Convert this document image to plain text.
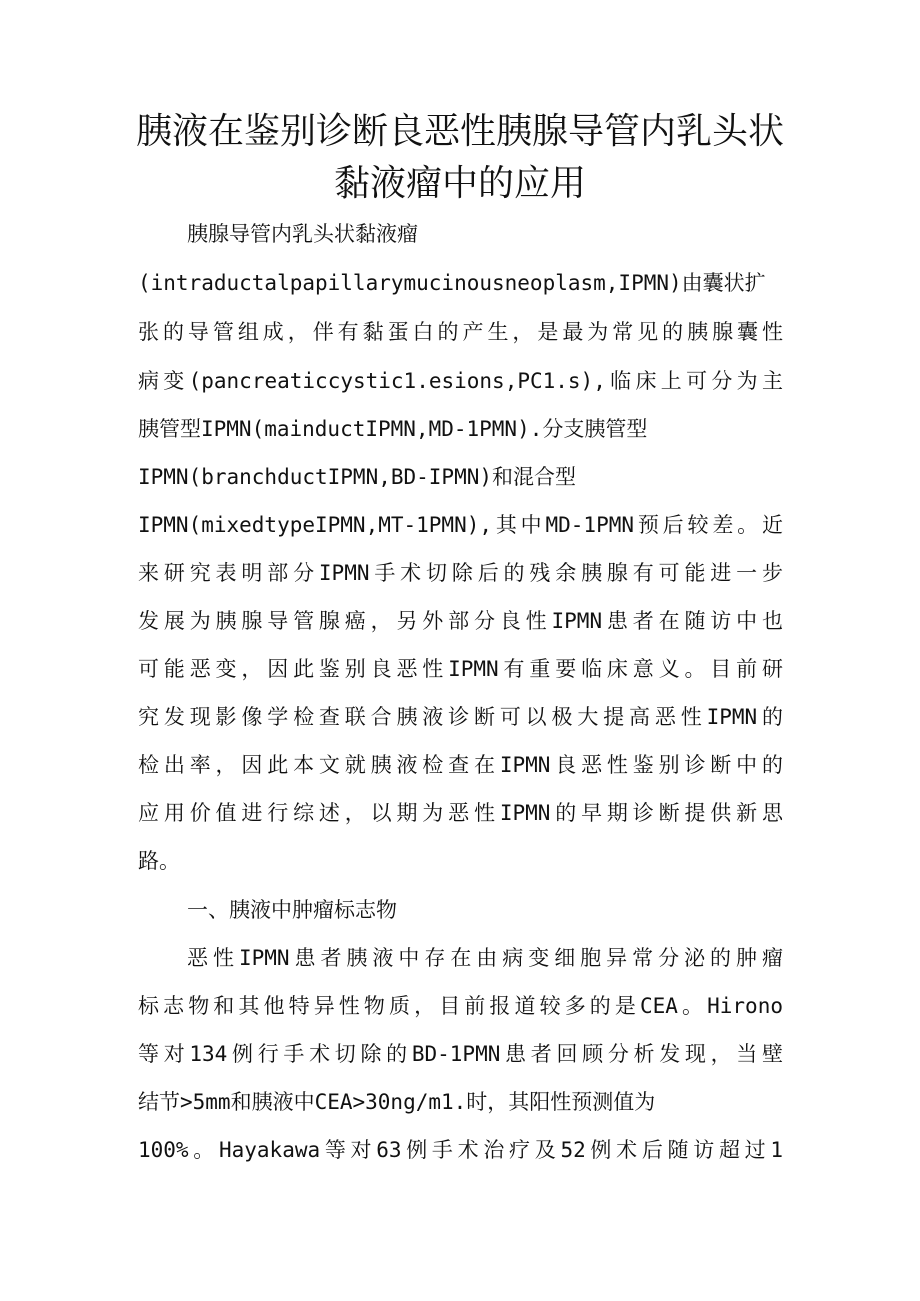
胰液在鉴别诊断良恶性胰腺导管内乳头状
黏液瘤中的应用
胰腺导管内乳头状黏液瘤
(intraductalpapillarymucinousneoplasm,IPMN)由囊状扩
张的导管组成，伴有黏蛋白的产生，是最为常见的胰腺囊性
病变(pancreaticcystic1.esions,PC1.s),临床上可分为主
胰管型IPMN(mainductIPMN,MD-1PMN).分支胰管型
IPMN(branchductIPMN,BD-IPMN)和混合型
IPMN(mixedtypeIPMN,MT-1PMN),其中MD-1PMN预后较差。近
来研究表明部分IPMN手术切除后的残余胰腺有可能进一步
发展为胰腺导管腺癌，另外部分良性IPMN患者在随访中也
可能恶变，因此鉴别良恶性IPMN有重要临床意义。目前研
究发现影像学检查联合胰液诊断可以极大提高恶性IPMN的
检出率，因此本文就胰液检查在IPMN良恶性鉴别诊断中的
应用价值进行综述，以期为恶性IPMN的早期诊断提供新思
路。
一、胰液中肿瘤标志物
恶性IPMN患者胰液中存在由病变细胞异常分泌的肿瘤
标志物和其他特异性物质，目前报道较多的是CEA。Hirono
等对134例行手术切除的BD-1PMN患者回顾分析发现，当壁
结节>5mm和胰液中CEA>30ng/m1.时，其阳性预测值为
100%。Hayakawa等对63例手术治疗及52例术后随访超过1
